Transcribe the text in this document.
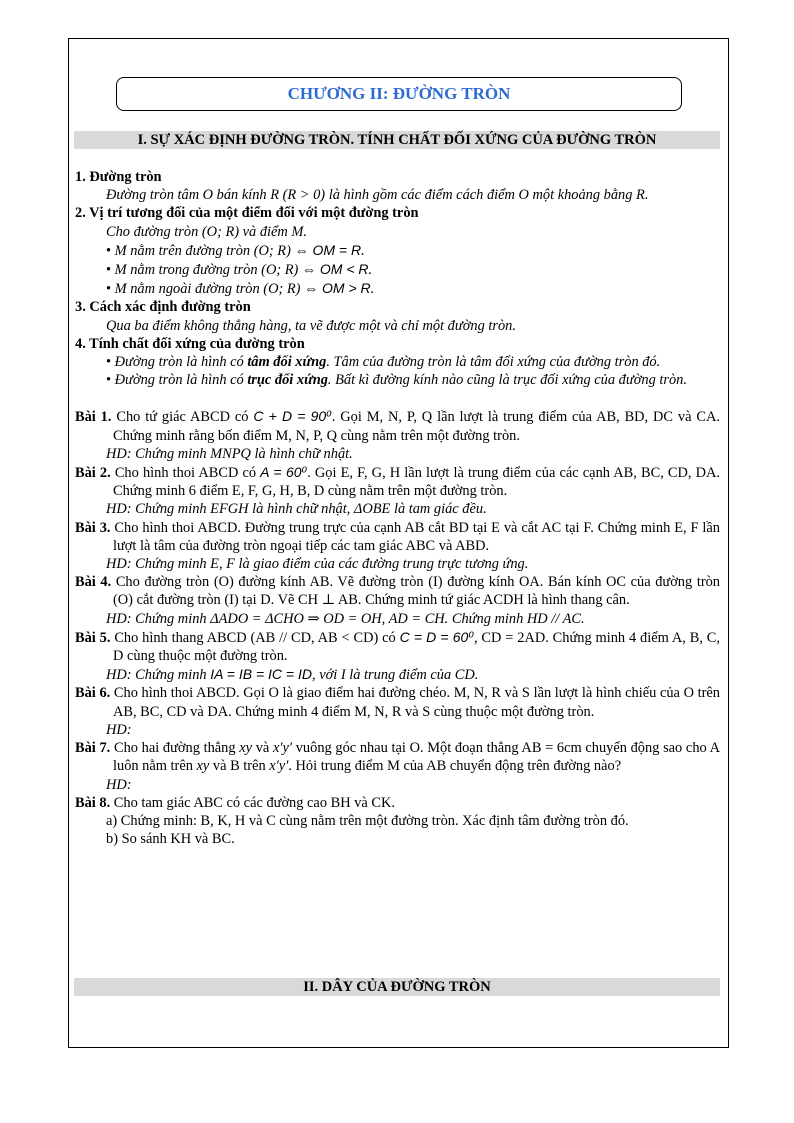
CHƯƠNG II: ĐƯỜNG TRÒN
I. SỰ XÁC ĐỊNH ĐƯỜNG TRÒN. TÍNH CHẤT ĐỐI XỨNG CỦA ĐƯỜNG TRÒN

1. Đường tròn

Đường tròn tâm O bán kính R (R > 0) là hình gồm các điểm cách điểm O một khoảng bằng R.

2. Vị trí tương đối của một điểm đối với một đường tròn

Cho đường tròn (O; R) và điểm M.

• M nằm trên đường tròn (O; R) ⇔ OM = R.

• M nằm trong đường tròn (O; R) ⇔ OM < R.

• M nằm ngoài đường tròn (O; R) ⇔ OM > R.

3. Cách xác định đường tròn

Qua ba điểm không thẳng hàng, ta vẽ được một và chỉ một đường tròn.

4. Tính chất đối xứng của đường tròn

• Đường tròn là hình có tâm đối xứng. Tâm của đường tròn là tâm đối xứng của đường tròn đó.

• Đường tròn là hình có trục đối xứng. Bất kì đường kính nào cũng là trục đối xứng của đường tròn.

Bài 1. Cho tứ giác ABCD có C + D = 90⁰. Gọi M, N, P, Q lần lượt là trung điểm của AB, BD, DC và CA. Chứng minh rằng bốn điểm M, N, P, Q cùng nằm trên một đường tròn.

HD: Chứng minh MNPQ là hình chữ nhật.

Bài 2. Cho hình thoi ABCD có A = 60⁰. Gọi E, F, G, H lần lượt là trung điểm của các cạnh AB, BC, CD, DA. Chứng minh 6 điểm E, F, G, H, B, D cùng nằm trên một đường tròn.

HD: Chứng minh EFGH là hình chữ nhật, ΔOBE là tam giác đều.

Bài 3. Cho hình thoi ABCD. Đường trung trực của cạnh AB cắt BD tại E và cắt AC tại F. Chứng minh E, F lần lượt là tâm của đường tròn ngoại tiếp các tam giác ABC và ABD.

HD: Chứng minh E, F là giao điểm của các đường trung trực tương ứng.

Bài 4. Cho đường tròn (O) đường kính AB. Vẽ đường tròn (I) đường kính OA. Bán kính OC của đường tròn (O) cắt đường tròn (I) tại D. Vẽ CH ⊥ AB. Chứng minh tứ giác ACDH là hình thang cân.

HD: Chứng minh ΔADO = ΔCHO ⇒ OD = OH, AD = CH. Chứng minh HD // AC.

Bài 5. Cho hình thang ABCD (AB // CD, AB < CD) có C = D = 60⁰, CD = 2AD. Chứng minh 4 điểm A, B, C, D cùng thuộc một đường tròn.

HD: Chứng minh IA = IB = IC = ID, với I là trung điểm của CD.

Bài 6. Cho hình thoi ABCD. Gọi O là giao điểm hai đường chéo. M, N, R và S lần lượt là hình chiếu của O trên AB, BC, CD và DA. Chứng minh 4 điểm M, N, R và S cùng thuộc một đường tròn.

HD:

Bài 7. Cho hai đường thẳng xy và x′y′ vuông góc nhau tại O. Một đoạn thẳng AB = 6cm chuyển động sao cho A luôn nằm trên xy và B trên x′y′. Hỏi trung điểm M của AB chuyển động trên đường nào?

HD:

Bài 8. Cho tam giác ABC có các đường cao BH và CK.

a) Chứng minh: B, K, H và C cùng nằm trên một đường tròn. Xác định tâm đường tròn đó.

b) So sánh KH và BC.

II. DÂY CỦA ĐƯỜNG TRÒN
